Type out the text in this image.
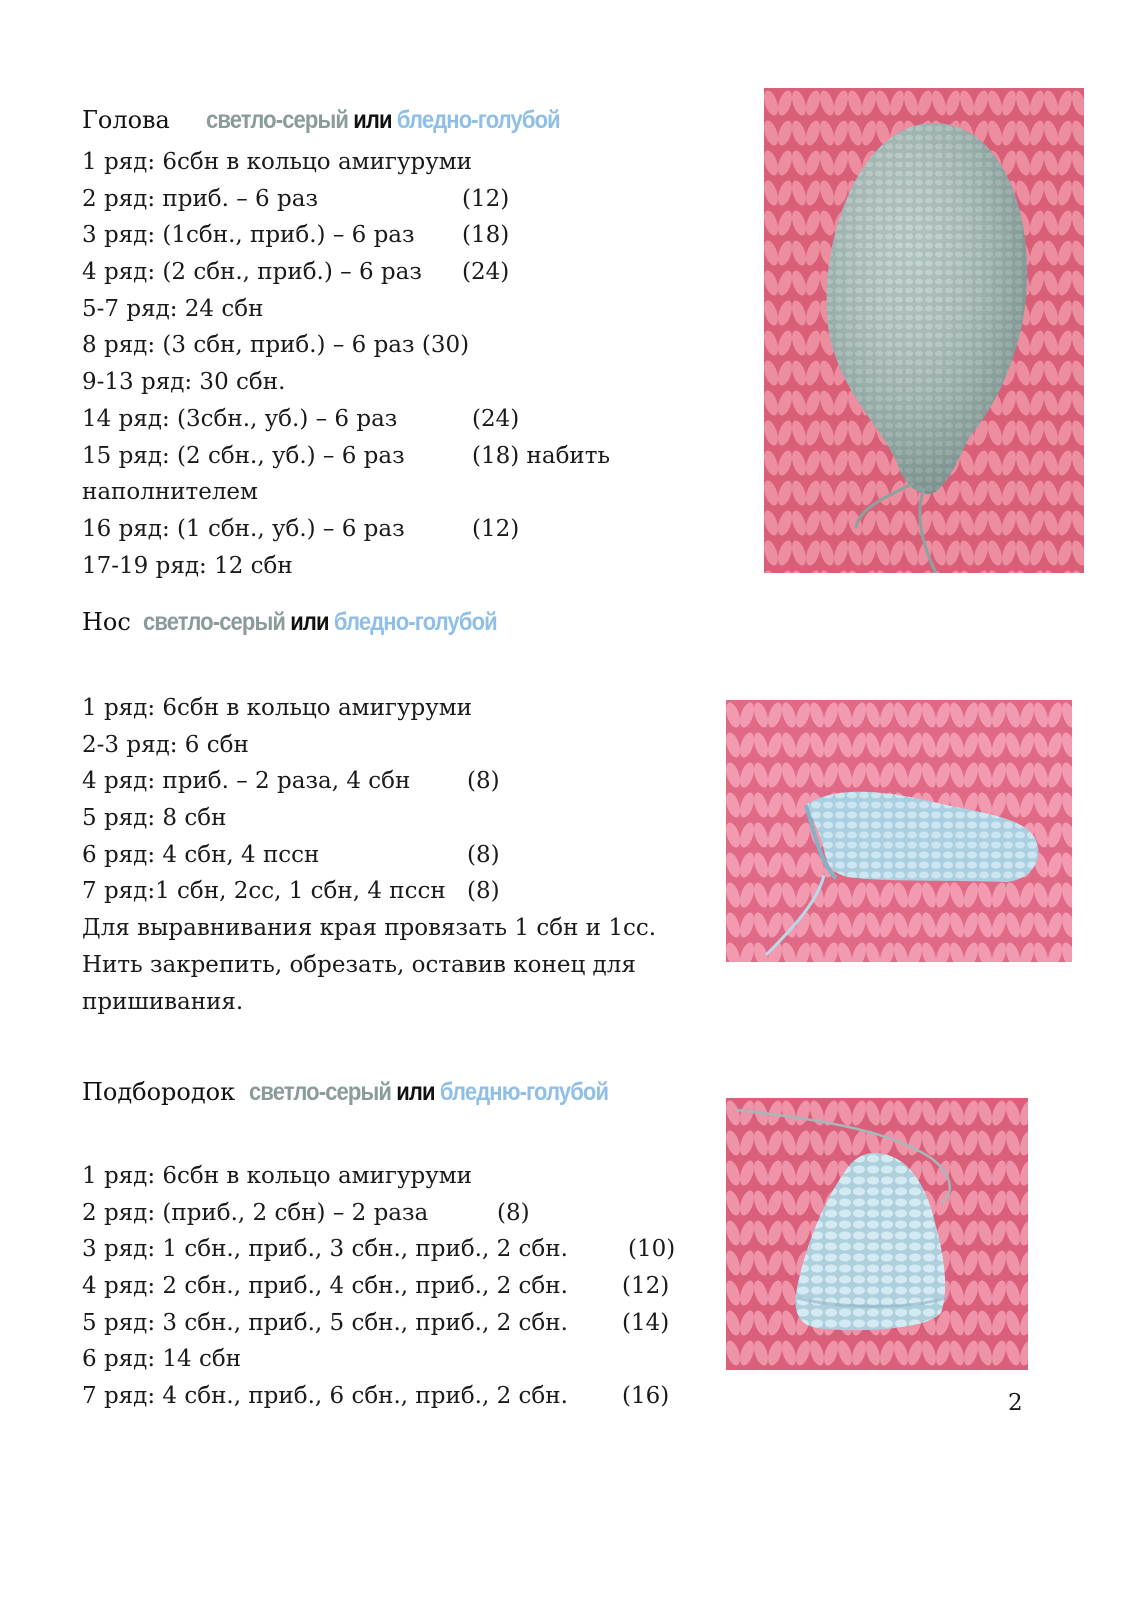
Голова светло-серый или бледно-голубой
1 ряд: 6сбн в кольцо амигуруми
2 ряд: приб. – 6 раз	(12)
3 ряд: (1сбн., приб.) – 6 раз (18)
4 ряд: (2 сбн., приб.) – 6 раз (24)
5-7 ряд: 24 сбн
8 ряд: (3 сбн, приб.) – 6 раз (30)
9-13 ряд: 30 сбн.
14 ряд: (3сбн., уб.) – 6 раз	(24)
15 ряд: (2 сбн., уб.) – 6 раз	(18) набить
наполнителем
16 ряд: (1 сбн., уб.) – 6 раз	(12)
17-19 ряд: 12 сбн
Нос светло-серый или бледно-голубой
1 ряд: 6сбн в кольцо амигуруми
2-3 ряд: 6 сбн
4 ряд: приб. – 2 раза, 4 сбн (8)
5 ряд: 8 сбн
6 ряд: 4 сбн, 4 пссн	(8)
7 ряд:1 сбн, 2сс, 1 сбн, 4 пссн (8)
Для выравнивания края провязать 1 сбн и 1сс. Нить закрепить, обрезать, оставив конец для пришивания.
Подбородок светло-серый или бледню-голубой
1 ряд: 6сбн в кольцо амигуруми
2 ряд: (приб., 2 сбн) – 2 раза	(8)
3 ряд: 1 сбн., приб., 3 сбн., приб., 2 сбн.	(10)
4 ряд: 2 сбн., приб., 4 сбн., приб., 2 сбн. (12)
5 ряд: 3 сбн., приб., 5 сбн., приб., 2 сбн. (14)
6 ряд: 14 сбн
7 ряд: 4 сбн., приб., 6 сбн., приб., 2 сбн. (16)	2
